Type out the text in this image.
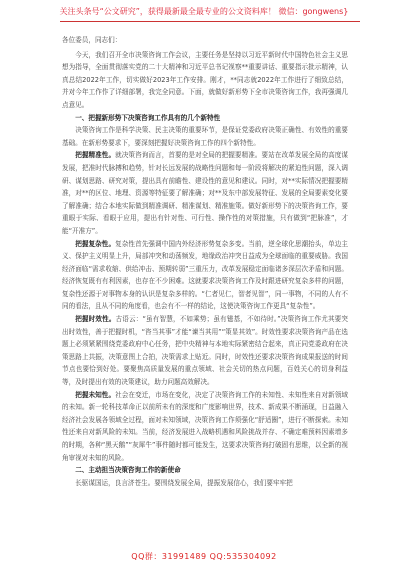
关注头条号“公文研究”，获得最新最全最专业的公文资料库！ 微信：gongwens}

各位委员，同志们：

今天，我们召开全市决策咨询工作会议，主要任务是坚持以习近平新时代中国特色社会主义思想为指导，全面贯彻落实党的二十大精神和习近平总书记视察**重要讲话、重要指示批示精神，认真总结2022年工作，切实做好2023年工作安排。刚才，**同志就2022年工作进行了细致总结，并对今年工作作了详细部署，我完全同意。下面，就做好新形势下全市决策咨询工作，我再强调几点意见。

一、把握新形势下决策咨询工作具有的几个新特性

决策咨询工作是科学决策、民主决策的重要环节，是保证党委政府决策正确性、有效性的重要基础。在新形势要求下，要深刻把握好决策咨询工作的四个新特性。

把握精准性。就决策咨询而言，首要的是对全局的把握要精准。要站在改革发展全局的高度谋发展，把准时代脉搏和趋势，针对长远发展的战略性问题和每一阶段将解决的紧迫性问题，深入调研、谋划思路、研究对策，提出具有前瞻性、建设性的意见和建议。同时，对**实际情况把握要精准，对**的区位、地理、资源等特征要了解准确；对**及东中部发展特征、发展的全局要素变化要了解准确；结合本地实际做到精准调研、精准谋划、精准施策。做好新形势下的决策咨询工作，要重眼于实际、看眼于应用，提出有针对性、可行性、操作性的对策措施，只有做到“把脉准”，才能“开准方”。

把握复杂性。复杂性首先强调中国内外经济形势复杂多变。当前，逆全球化思潮抬头，单边主义、保护主义明显上升，局部冲突和动荡频发，地缘政治冲突日益成为全球面临的重要威胁。我国经济面临“需求收缩、供给冲击、预期转弱”三重压力，改革发展稳定面临诸多深层次矛盾和问题。经济恢复既有有利因素，也存在不少困难。这就要求决策咨询工作及时跟进研究复杂多样的问题，复杂性还源于对事物本身的认识是复杂多样的。“仁者见仁，智者见智”，同一事物，不同的人有不同的看法，且从不同的角度看，也会有不一样的结论，这使决策咨询工作更具“复杂性”。

把握时效性。古语云：“虽有智慧，不如乘势；虽有镃基，不如待时。”决策咨询工作尤其要突出时效性，善于把握时机，“咨当其事”才能“谏当其用”“策显其效”。时效性要求决策咨询产品在选题上必须紧紧围绕党委政府中心任务，把中央精神与本地实际紧密结合起来，真正同党委政府在决策思路上共振，决策意图上合拍，决策需求上贴近。同时，时效性还要求决策咨询成果报送的时间节点也要恰到好处。要聚焦高质量发展的重点领域、社会关切的热点问题，百姓关心的切身利益等，及时提出有效的决策建议，助力问题高效解决。

把握未知性。社会在变迁，市场在变化，决定了决策咨询工作的未知性、未知性来自对新领域的未知。新一轮科技革命正以前所未有的深度和广度影响世界，技术、新成果不断涌现，日益融入经济社会发展各领域全过程，面对未知领域，决策咨询工作须强化“舒适圈”，进行不断探索。未知性还来自对新风险的未知。当前，经济发展进入战略机遇和风险挑战并存、不确定难预料因素增多的时期，各种“黑天鹅”“灰犀牛”事件随时都可能发生，这要求决策咨询打破固有思维，以全新的视角审视对未知的风险。

二、主动担当决策咨询工作的新使命

长驱谋国运，良言济苍生。要围绕发展全局，提振发展信心，我们要牢牢把

QQ群：31991489 QQ:535304092
